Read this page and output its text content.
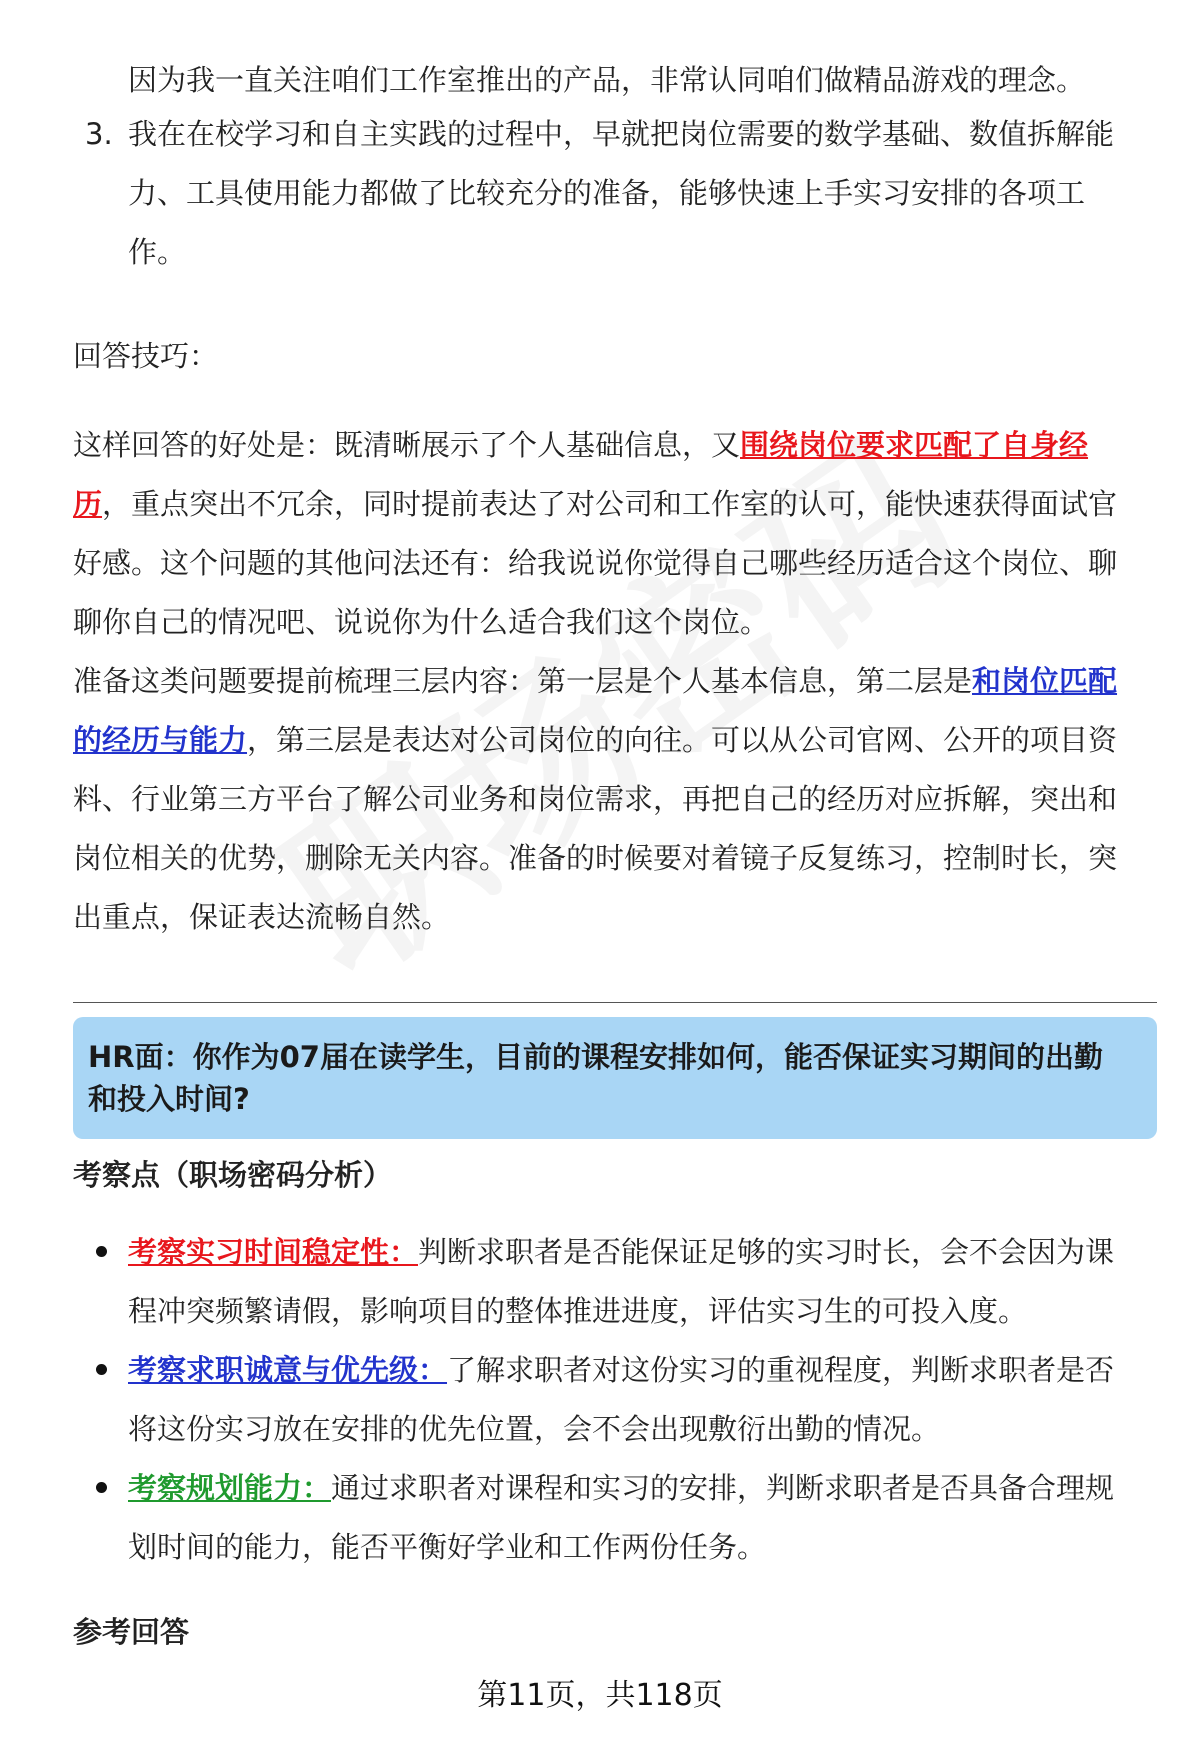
因为我一直关注咱们工作室推出的产品，非常认同咱们做精品游戏的理念。
3. 我在在校学习和自主实践的过程中，早就把岗位需要的数学基础、数值拆解能
力、工具使用能力都做了比较充分的准备，能够快速上手实习安排的各项工
作。
回答技巧：
这样回答的好处是：既清晰展示了个人基础信息，又围绕岗位要求匹配了自身经
历，重点突出不冗余，同时提前表达了对公司和工作室的认可，能快速获得面试官
好感。这个问题的其他问法还有：给我说说你觉得自己哪些经历适合这个岗位、聊
聊你自己的情况吧、说说你为什么适合我们这个岗位。
准备这类问题要提前梳理三层内容：第一层是个人基本信息，第二层是和岗位匹配
的经历与能力，第三层是表达对公司岗位的向往。可以从公司官网、公开的项目资
料、行业第三方平台了解公司业务和岗位需求，再把自己的经历对应拆解，突出和
岗位相关的优势，删除无关内容。准备的时候要对着镜子反复练习，控制时长，突
出重点，保证表达流畅自然。
HR面：你作为07届在读学生，目前的课程安排如何，能否保证实习期间的出勤
和投入时间?
考察点（职场密码分析）
考察实习时间稳定性：判断求职者是否能保证足够的实习时长，会不会因为课
程冲突频繁请假，影响项目的整体推进进度，评估实习生的可投入度。
考察求职诚意与优先级：了解求职者对这份实习的重视程度，判断求职者是否
将这份实习放在安排的优先位置，会不会出现敷衍出勤的情况。
考察规划能力：通过求职者对课程和实习的安排，判断求职者是否具备合理规
划时间的能力，能否平衡好学业和工作两份任务。
参考回答
第11页，共118页
